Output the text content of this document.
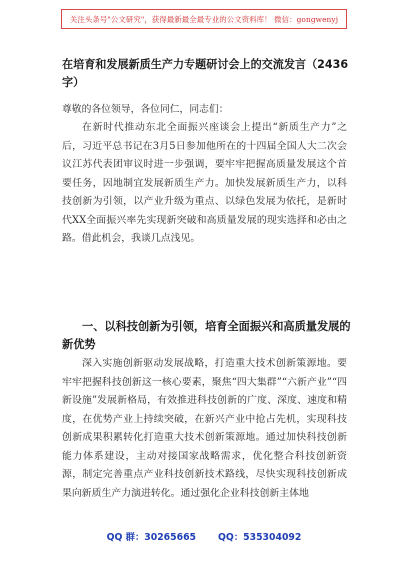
关注头条号"公文研究"，获得最新最全最专业的公文资料库！ 微信：gongwenyj
在培育和发展新质生产力专题研讨会上的交流发言（2436字）

尊敬的各位领导，各位同仁，同志们：

在新时代推动东北全面振兴座谈会上提出“新质生产力”之后，习近平总书记在3月5日参加他所在的十四届全国人大二次会议江苏代表团审议时进一步强调，要牢牢把握高质量发展这个首要任务，因地制宜发展新质生产力。加快发展新质生产力，以科技创新为引领，以产业升级为重点、以绿色发展为依托，是新时代XX全面振兴率先实现新突破和高质量发展的现实选择和必由之路。借此机会，我谈几点浅见。

一、以科技创新为引领，培育全面振兴和高质量发展的新优势

深入实施创新驱动发展战略，打造重大技术创新策源地。要牢牢把握科技创新这一核心要素，聚焦“四大集群”“六新产业”“四新设施”发展新格局，有效推进科技创新的广度、深度、速度和精度，在优势产业上持续突破，在新兴产业中抢占先机，实现科技创新成果积累转化打造重大技术创新策源地。通过加快科技创新能力体系建设，主动对接国家战略需求，优化整合科技创新资源，制定完善重点产业科技创新技术路线，尽快实现科技创新成果向新质生产力演进转化。通过强化企业科技创新主体地

QQ 群：30265665 QQ：535304092
